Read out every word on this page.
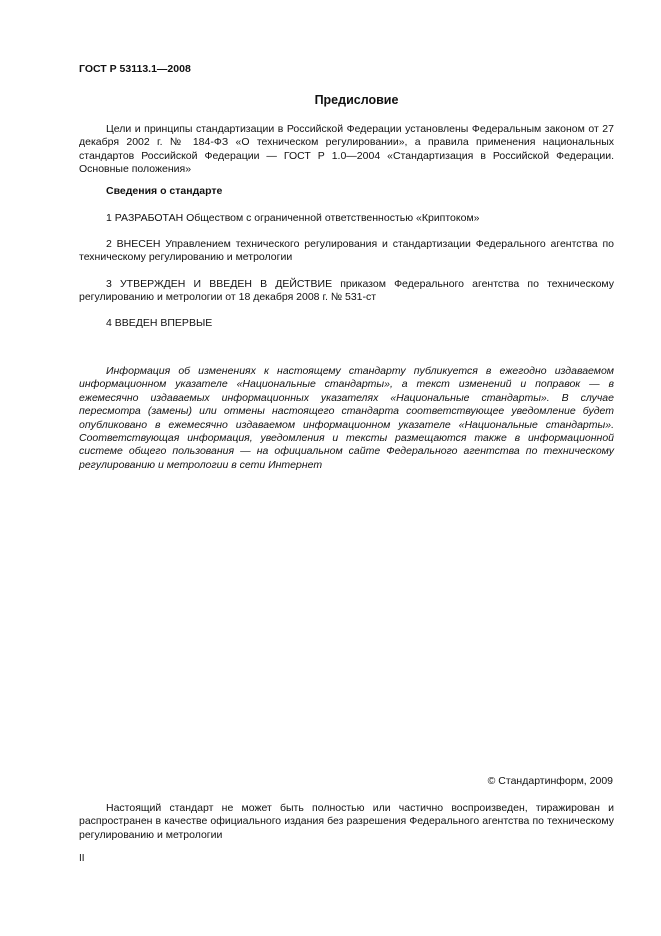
ГОСТ Р 53113.1—2008
Предисловие

Цели и принципы стандартизации в Российской Федерации установлены Федеральным законом от 27 декабря 2002 г. № 184-ФЗ «О техническом регулировании», а правила применения национальных стандартов Российской Федерации — ГОСТ Р 1.0—2004 «Стандартизация в Российской Федерации. Основные положения»

Сведения о стандарте

1 РАЗРАБОТАН Обществом с ограниченной ответственностью «Криптоком»

2 ВНЕСЕН Управлением технического регулирования и стандартизации Федерального агентства по техническому регулированию и метрологии

3 УТВЕРЖДЕН И ВВЕДЕН В ДЕЙСТВИЕ приказом Федерального агентства по техническому регулированию и метрологии от 18 декабря 2008 г. № 531-ст

4 ВВЕДЕН ВПЕРВЫЕ

Информация об изменениях к настоящему стандарту публикуется в ежегодно издаваемом информационном указателе «Национальные стандарты», а текст изменений и поправок — в ежемесячно издаваемых информационных указателях «Национальные стандарты». В случае пересмотра (замены) или отмены настоящего стандарта соответствующее уведомление будет опубликовано в ежемесячно издаваемом информационном указателе «Национальные стандарты». Соответствующая информация, уведомления и тексты размещаются также в информационной системе общего пользования — на официальном сайте Федерального агентства по техническому регулированию и метрологии в сети Интернет

© Стандартинформ, 2009

Настоящий стандарт не может быть полностью или частично воспроизведен, тиражирован и распространен в качестве официального издания без разрешения Федерального агентства по техническому регулированию и метрологии

II
